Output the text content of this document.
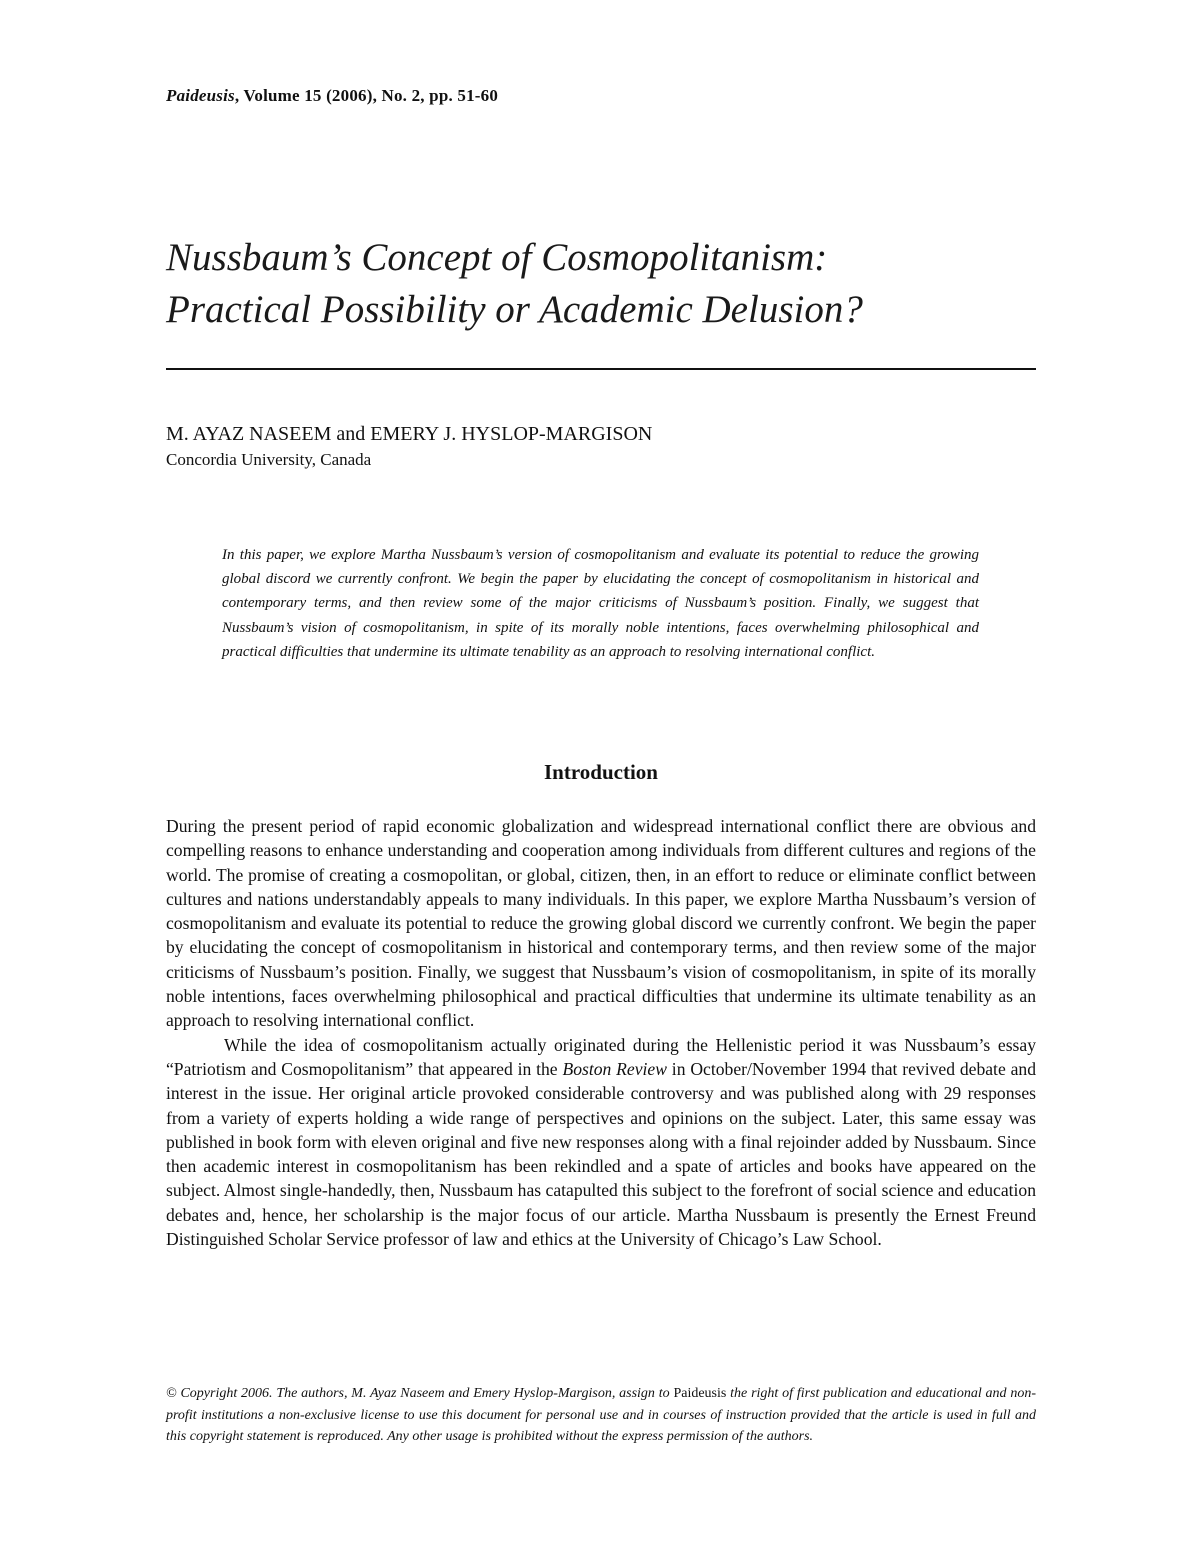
Paideusis, Volume 15 (2006), No. 2, pp. 51-60
Nussbaum’s Concept of Cosmopolitanism:
Practical Possibility or Academic Delusion?
M. AYAZ NASEEM and EMERY J. HYSLOP-MARGISON
Concordia University, Canada

In this paper, we explore Martha Nussbaum’s version of cosmopolitanism and evaluate its potential to reduce the growing global discord we currently confront. We begin the paper by elucidating the concept of cosmopolitanism in historical and contemporary terms, and then review some of the major criticisms of Nussbaum’s position. Finally, we suggest that Nussbaum’s vision of cosmopolitanism, in spite of its morally noble intentions, faces overwhelming philosophical and practical difficulties that undermine its ultimate tenability as an approach to resolving international conflict.

Introduction

During the present period of rapid economic globalization and widespread international conflict there are obvious and compelling reasons to enhance understanding and cooperation among individuals from different cultures and regions of the world. The promise of creating a cosmopolitan, or global, citizen, then, in an effort to reduce or eliminate conflict between cultures and nations understandably appeals to many individuals. In this paper, we explore Martha Nussbaum’s version of cosmopolitanism and evaluate its potential to reduce the growing global discord we currently confront. We begin the paper by elucidating the concept of cosmopolitanism in historical and contemporary terms, and then review some of the major criticisms of Nussbaum’s position. Finally, we suggest that Nussbaum’s vision of cosmopolitanism, in spite of its morally noble intentions, faces overwhelming philosophical and practical difficulties that undermine its ultimate tenability as an approach to resolving international conflict.

While the idea of cosmopolitanism actually originated during the Hellenistic period it was Nussbaum’s essay “Patriotism and Cosmopolitanism” that appeared in the Boston Review in October/November 1994 that revived debate and interest in the issue. Her original article provoked considerable controversy and was published along with 29 responses from a variety of experts holding a wide range of perspectives and opinions on the subject. Later, this same essay was published in book form with eleven original and five new responses along with a final rejoinder added by Nussbaum. Since then academic interest in cosmopolitanism has been rekindled and a spate of articles and books have appeared on the subject. Almost single-handedly, then, Nussbaum has catapulted this subject to the forefront of social science and education debates and, hence, her scholarship is the major focus of our article. Martha Nussbaum is presently the Ernest Freund Distinguished Scholar Service professor of law and ethics at the University of Chicago’s Law School.

© Copyright 2006. The authors, M. Ayaz Naseem and Emery Hyslop-Margison, assign to Paideusis the right of first publication and educational and non-profit institutions a non-exclusive license to use this document for personal use and in courses of instruction provided that the article is used in full and this copyright statement is reproduced. Any other usage is prohibited without the express permission of the authors.
